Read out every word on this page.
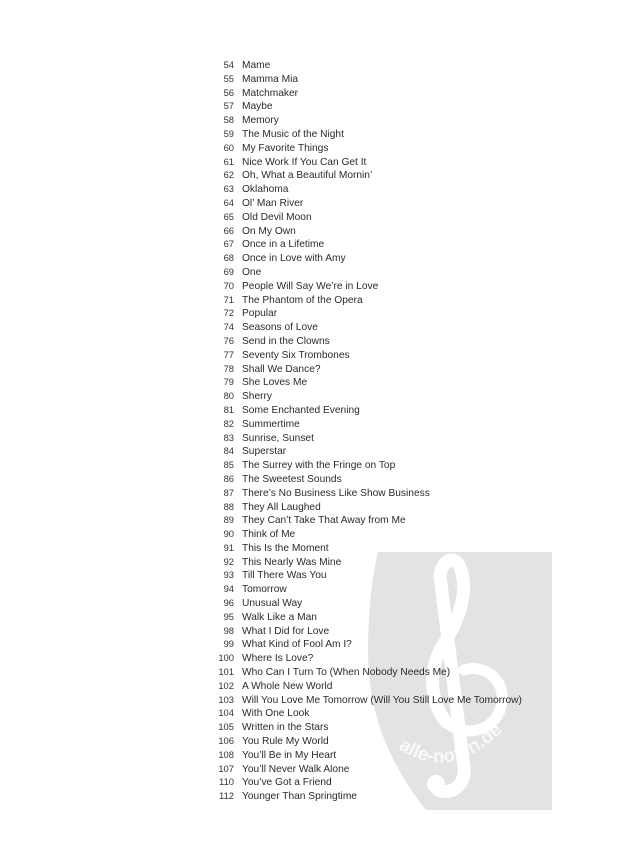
alle-noten.de
54 Mame
55 Mamma Mia
56 Matchmaker
57 Maybe
58 Memory
59 The Music of the Night
60 My Favorite Things
61 Nice Work If You Can Get It
62 Oh, What a Beautiful Mornin’
63 Oklahoma
64 Ol’ Man River
65 Old Devil Moon
66 On My Own
67 Once in a Lifetime
68 Once in Love with Amy
69 One
70 People Will Say We’re in Love
71 The Phantom of the Opera
72 Popular
74 Seasons of Love
76 Send in the Clowns
77 Seventy Six Trombones
78 Shall We Dance?
79 She Loves Me
80 Sherry
81 Some Enchanted Evening
82 Summertime
83 Sunrise, Sunset
84 Superstar
85 The Surrey with the Fringe on Top
86 The Sweetest Sounds
87 There’s No Business Like Show Business
88 They All Laughed
89 They Can’t Take That Away from Me
90 Think of Me
91 This Is the Moment
92 This Nearly Was Mine
93 Till There Was You
94 Tomorrow
96 Unusual Way
95 Walk Like a Man
98 What I Did for Love
99 What Kind of Fool Am I?
100 Where Is Love?
101 Who Can I Turn To (When Nobody Needs Me)
102 A Whole New World
103 Will You Love Me Tomorrow (Will You Still Love Me Tomorrow)
104 With One Look
105 Written in the Stars
106 You Rule My World
108 You’ll Be in My Heart
107 You’ll Never Walk Alone
110 You’ve Got a Friend
112 Younger Than Springtime
